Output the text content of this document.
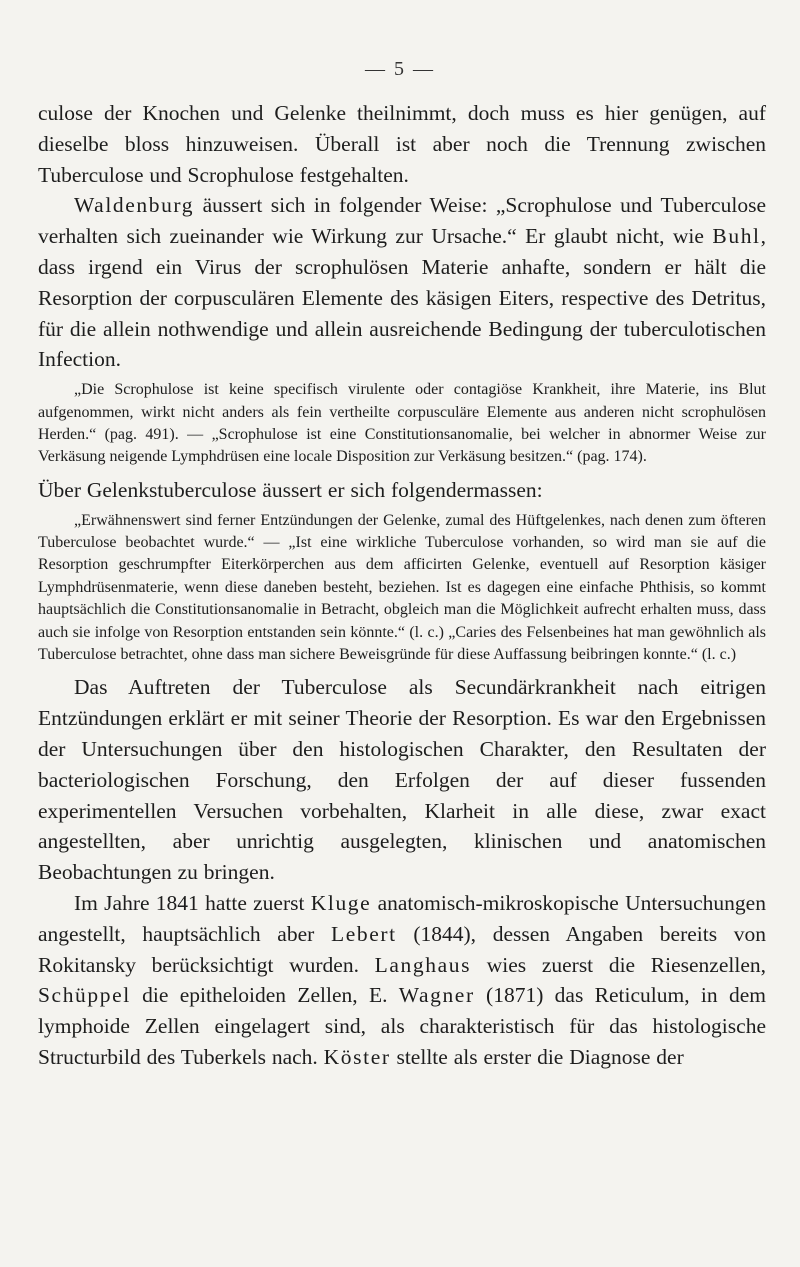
— 5 —

culose der Knochen und Gelenke theilnimmt, doch muss es hier genügen, auf dieselbe bloss hinzuweisen. Überall ist aber noch die Trennung zwischen Tuberculose und Scrophulose festgehalten.

Waldenburg äussert sich in folgender Weise: „Scrophulose und Tuberculose verhalten sich zueinander wie Wirkung zur Ursache.“ Er glaubt nicht, wie Buhl, dass irgend ein Virus der scrophulösen Materie anhafte, sondern er hält die Resorption der corpusculären Elemente des käsigen Eiters, respective des Detritus, für die allein nothwendige und allein ausreichende Bedingung der tuberculotischen Infection.

„Die Scrophulose ist keine specifisch virulente oder contagiöse Krankheit, ihre Materie, ins Blut aufgenommen, wirkt nicht anders als fein vertheilte corpusculäre Elemente aus anderen nicht scrophulösen Herden.“ (pag. 491). — „Scrophulose ist eine Constitutionsanomalie, bei welcher in abnormer Weise zur Verkäsung neigende Lymphdrüsen eine locale Disposition zur Verkäsung besitzen.“ (pag. 174).

Über Gelenkstuberculose äussert er sich folgendermassen:

„Erwähnenswert sind ferner Entzündungen der Gelenke, zumal des Hüftgelenkes, nach denen zum öfteren Tuberculose beobachtet wurde.“ — „Ist eine wirkliche Tuberculose vorhanden, so wird man sie auf die Resorption geschrumpfter Eiterkörperchen aus dem afficirten Gelenke, eventuell auf Resorption käsiger Lymphdrüsenmaterie, wenn diese daneben besteht, beziehen. Ist es dagegen eine einfache Phthisis, so kommt hauptsächlich die Constitutionsanomalie in Betracht, obgleich man die Möglichkeit aufrecht erhalten muss, dass auch sie infolge von Resorption entstanden sein könnte.“ (l. c.) „Caries des Felsenbeines hat man gewöhnlich als Tuberculose betrachtet, ohne dass man sichere Beweisgründe für diese Auffassung beibringen konnte.“ (l. c.)

Das Auftreten der Tuberculose als Secundärkrankheit nach eitrigen Entzündungen erklärt er mit seiner Theorie der Resorption. Es war den Ergebnissen der Untersuchungen über den histologischen Charakter, den Resultaten der bacteriologischen Forschung, den Erfolgen der auf dieser fussenden experimentellen Versuchen vorbehalten, Klarheit in alle diese, zwar exact angestellten, aber unrichtig ausgelegten, klinischen und anatomischen Beobachtungen zu bringen.

Im Jahre 1841 hatte zuerst Kluge anatomisch-mikroskopische Untersuchungen angestellt, hauptsächlich aber Lebert (1844), dessen Angaben bereits von Rokitansky berücksichtigt wurden. Langhaus wies zuerst die Riesenzellen, Schüppel die epitheloiden Zellen, E. Wagner (1871) das Reticulum, in dem lymphoide Zellen eingelagert sind, als charakteristisch für das histologische Structurbild des Tuberkels nach. Köster stellte als erster die Diagnose der
